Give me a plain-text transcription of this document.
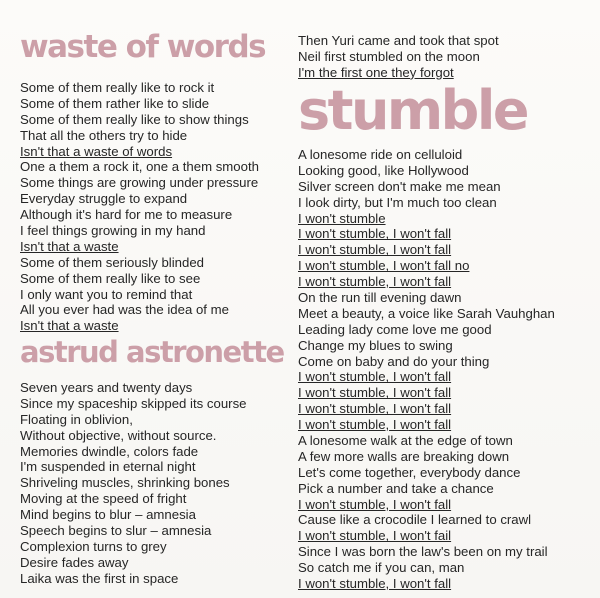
waste of words
Some of them really like to rock it
Some of them rather like to slide
Some of them really like to show things
That all the others try to hide
Isn't that a waste of words
One a them a rock it, one a them smooth
Some things are growing under pressure
Everyday struggle to expand
Although it's hard for me to measure
I feel things growing in my hand
Isn't that a waste
Some of them seriously blinded
Some of them really like to see
I only want you to remind that
All you ever had was the idea of me
Isn't that a waste
astrud astronette
Seven years and twenty days
Since my spaceship skipped its course
Floating in oblivion,
Without objective, without source.
Memories dwindle, colors fade
I'm suspended in eternal night
Shriveling muscles, shrinking bones
Moving at the speed of fright
Mind begins to blur – amnesia
Speech begins to slur – amnesia
Complexion turns to grey
Desire fades away
Laika was the first in space
Then Yuri came and took that spot
Neil first stumbled on the moon
I'm the first one they forgot
stumble
A lonesome ride on celluloid
Looking good, like Hollywood
Silver screen don't make me mean
I look dirty, but I'm much too clean
I won't stumble
I won't stumble, I won't fall
I won't stumble, I won't fall
I won't stumble, I won't fall no
I won't stumble, I won't fall
On the run till evening dawn
Meet a beauty, a voice like Sarah Vauhghan
Leading lady come love me good
Change my blues to swing
Come on baby and do your thing
I won't stumble, I won't fall
I won't stumble, I won't fall
I won't stumble, I won't fall
I won't stumble, I won't fall
A lonesome walk at the edge of town
A few more walls are breaking down
Let's come together, everybody dance
Pick a number and take a chance
I won't stumble, I won't fall
Cause like a crocodile I learned to crawl
I won't stumble, I won't fail
Since I was born the law's been on my trail
So catch me if you can, man
I won't stumble, I won't fall
